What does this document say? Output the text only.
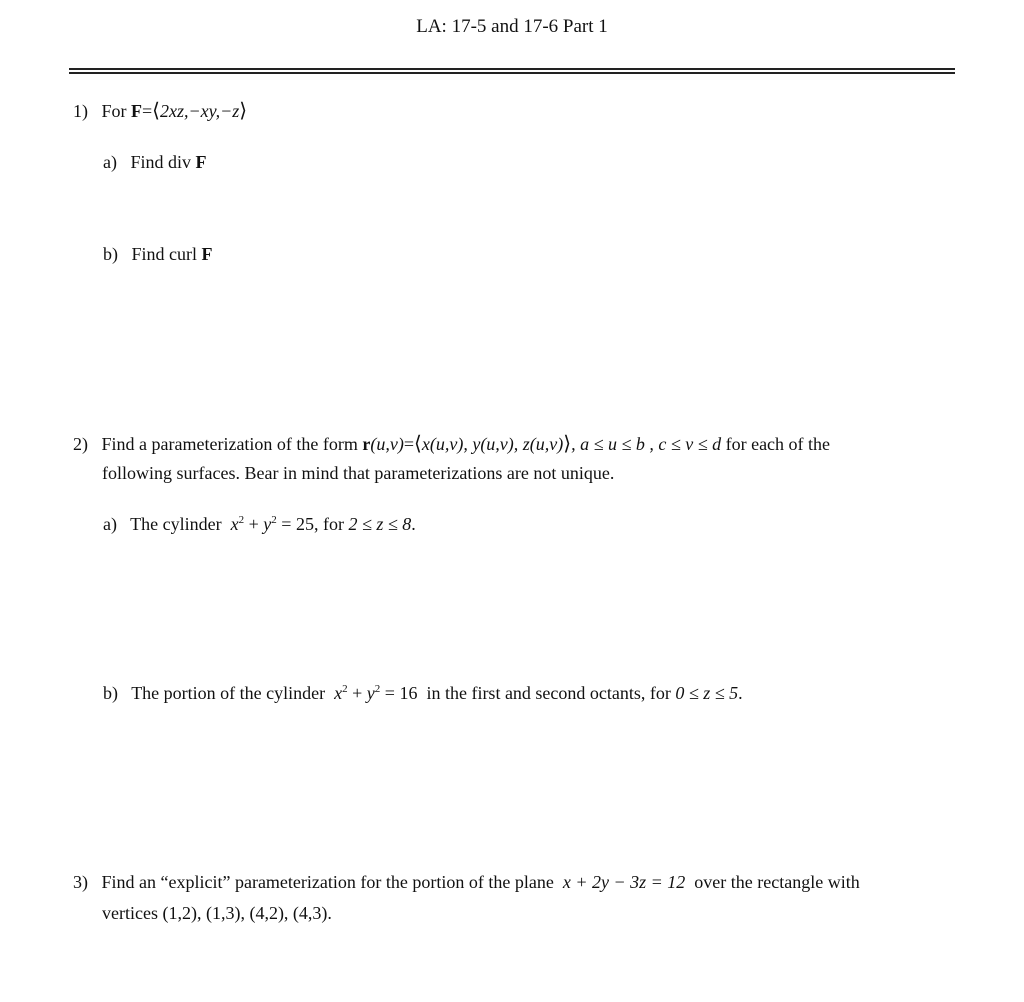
LA: 17-5 and 17-6 Part 1
1) For F=⟨2xz,−xy,−z⟩
a) Find div F
b) Find curl F
2) Find a parameterization of the form r(u,v)=⟨x(u,v), y(u,v), z(u,v)⟩, a ≤ u ≤ b , c ≤ v ≤ d for each of the
following surfaces. Bear in mind that parameterizations are not unique.
a) The cylinder $x^2 + y^2 = 25$, for 2 ≤ z ≤ 8.
b) The portion of the cylinder $x^2 + y^2 = 16$ in the first and second octants, for 0 ≤ z ≤ 5.
3) Find an “explicit” parameterization for the portion of the plane x + 2y − 3z = 12 over the rectangle with
vertices (1,2), (1,3), (4,2), (4,3).
